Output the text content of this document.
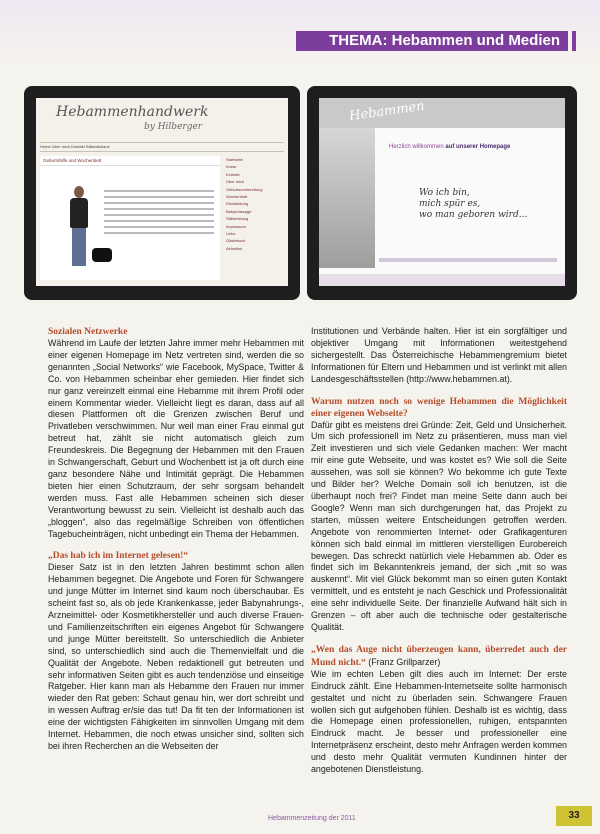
THEMA: Hebammen und Medien
Hebammenhandwerk
by Hilberger
Home Über mich Kontakt Stillambulanz
Geburtshilfe und Wochenbett	Startseite
Kurse
Kontakt
Über mich
Geburtsvorbereitung
Wochenbett
Rückbildung
Babymassage
Stillberatung
Impressum
Links
Gästebuch
Aktuelles
Hebammen
Herzlich willkommen auf unserer Homepage
Wo ich bin,
mich spür es,
wo man geboren wird...
Sozialen Netzwerke

Während im Laufe der letzten Jahre immer mehr Hebammen mit einer eigenen Homepage im Netz vertreten sind, werden die so genannten „Social Networks“ wie Facebook, MySpace, Twitter & Co. von Hebammen scheinbar eher gemieden. Hier findet sich nur ganz vereinzelt einmal eine Hebamme mit ihrem Profil oder einem Kommentar wieder. Vielleicht liegt es daran, dass auf all diesen Plattformen oft die Grenzen zwischen Beruf und Privatleben verschwimmen. Nur weil man einer Frau einmal gut betreut hat, zählt sie nicht automatisch gleich zum Freundeskreis. Die Begegnung der Hebammen mit den Frauen in Schwangerschaft, Geburt und Wochenbett ist ja oft durch eine ganz besondere Nähe und Intimität geprägt. Die Hebammen bieten hier einen Schutzraum, der sehr sorgsam behandelt werden muss. Fast alle Hebammen scheinen sich dieser Verantwortung bewusst zu sein. Vielleicht ist deshalb auch das „bloggen“, also das regelmäßige Schreiben von öffentlichen Tagebucheinträgen, nicht unbedingt ein Thema der Hebammen.

„Das hab ich im Internet gelesen!“

Dieser Satz ist in den letzten Jahren bestimmt schon allen Hebammen begegnet. Die Angebote und Foren für Schwangere und junge Mütter im Internet sind kaum noch überschaubar. Es scheint fast so, als ob jede Krankenkasse, jeder Babynahrungs-, Arzneimittel- oder Kosmetikhersteller und auch diverse Frauen- und Familienzeitschriften ein eigenes Angebot für Schwangere und junge Mütter bereitstellt. So unterschiedlich die Anbieter sind, so unterschiedlich sind auch die Themenvielfalt und die Qualität der Angebote. Neben redaktionell gut betreuten und sehr informativen Seiten gibt es auch tendenziöse und einseitige Ratgeber. Hier kann man als Hebamme den Frauen nur immer wieder den Rat geben: Schaut genau hin, wer dort schreibt und in wessen Auftrag er/sie das tut! Da fit ten der Informationen ist eine der wichtigsten Fähigkeiten im sinnvollen Umgang mit dem Internet. Hebammen, die noch etwas unsicher sind, sollten sich bei ihren Recherchen an die Webseiten der

Institutionen und Verbände halten. Hier ist ein sorgfältiger und objektiver Umgang mit Informationen weitestgehend sichergestellt. Das Österreichische Hebammengremium bietet Informationen für Eltern und Hebammen und ist verlinkt mit allen Landesgeschäftsstellen (http://www.hebammen.at).

Warum nutzen noch so wenige Hebammen die Möglichkeit einer eigenen Webseite?

Dafür gibt es meistens drei Gründe: Zeit, Geld und Unsicherheit. Um sich professionell im Netz zu präsentieren, muss man viel Zeit investieren und sich viele Gedanken machen: Wer macht mir eine gute Webseite, und was kostet es? Wie soll die Seite aussehen, was soll sie können? Wo bekomme ich gute Texte und Bilder her? Welche Domain soll ich benutzen, ist die überhaupt noch frei? Findet man meine Seite dann auch bei Google? Wenn man sich durchgerungen hat, das Projekt zu starten, müssen weitere Entscheidungen getroffen werden. Angebote von renommierten Internet- oder Grafikagenturen können sich bald einmal im mittleren vierstelligen Eurobereich bewegen. Das schreckt natürlich viele Hebammen ab. Oder es findet sich im Bekanntenkreis jemand, der sich „mit so was auskennt“. Mit viel Glück bekommt man so einen guten Kontakt vermittelt, und es entsteht je nach Geschick und Professionalität eine sehr individuelle Seite. Der finanzielle Aufwand hält sich in Grenzen – oft aber auch die technische oder gestalterische Qualität.

„Wen das Auge nicht überzeugen kann, überredet auch der Mund nicht.“ (Franz Grillparzer)

Wie im echten Leben gilt dies auch im Internet: Der erste Eindruck zählt. Eine Hebammen-Internetseite sollte harmonisch gestaltet und nicht zu überladen sein. Schwangere Frauen wollen sich gut aufgehoben fühlen. Deshalb ist es wichtig, dass die Homepage einen professionellen, ruhigen, entspannten Eindruck macht. Je besser und professioneller eine Internetpräsenz erscheint, desto mehr Anfragen werden kommen und desto mehr Qualität vermuten Kundinnen hinter der angebotenen Dienstleistung.

Hebammenzeitung der 2011	33
